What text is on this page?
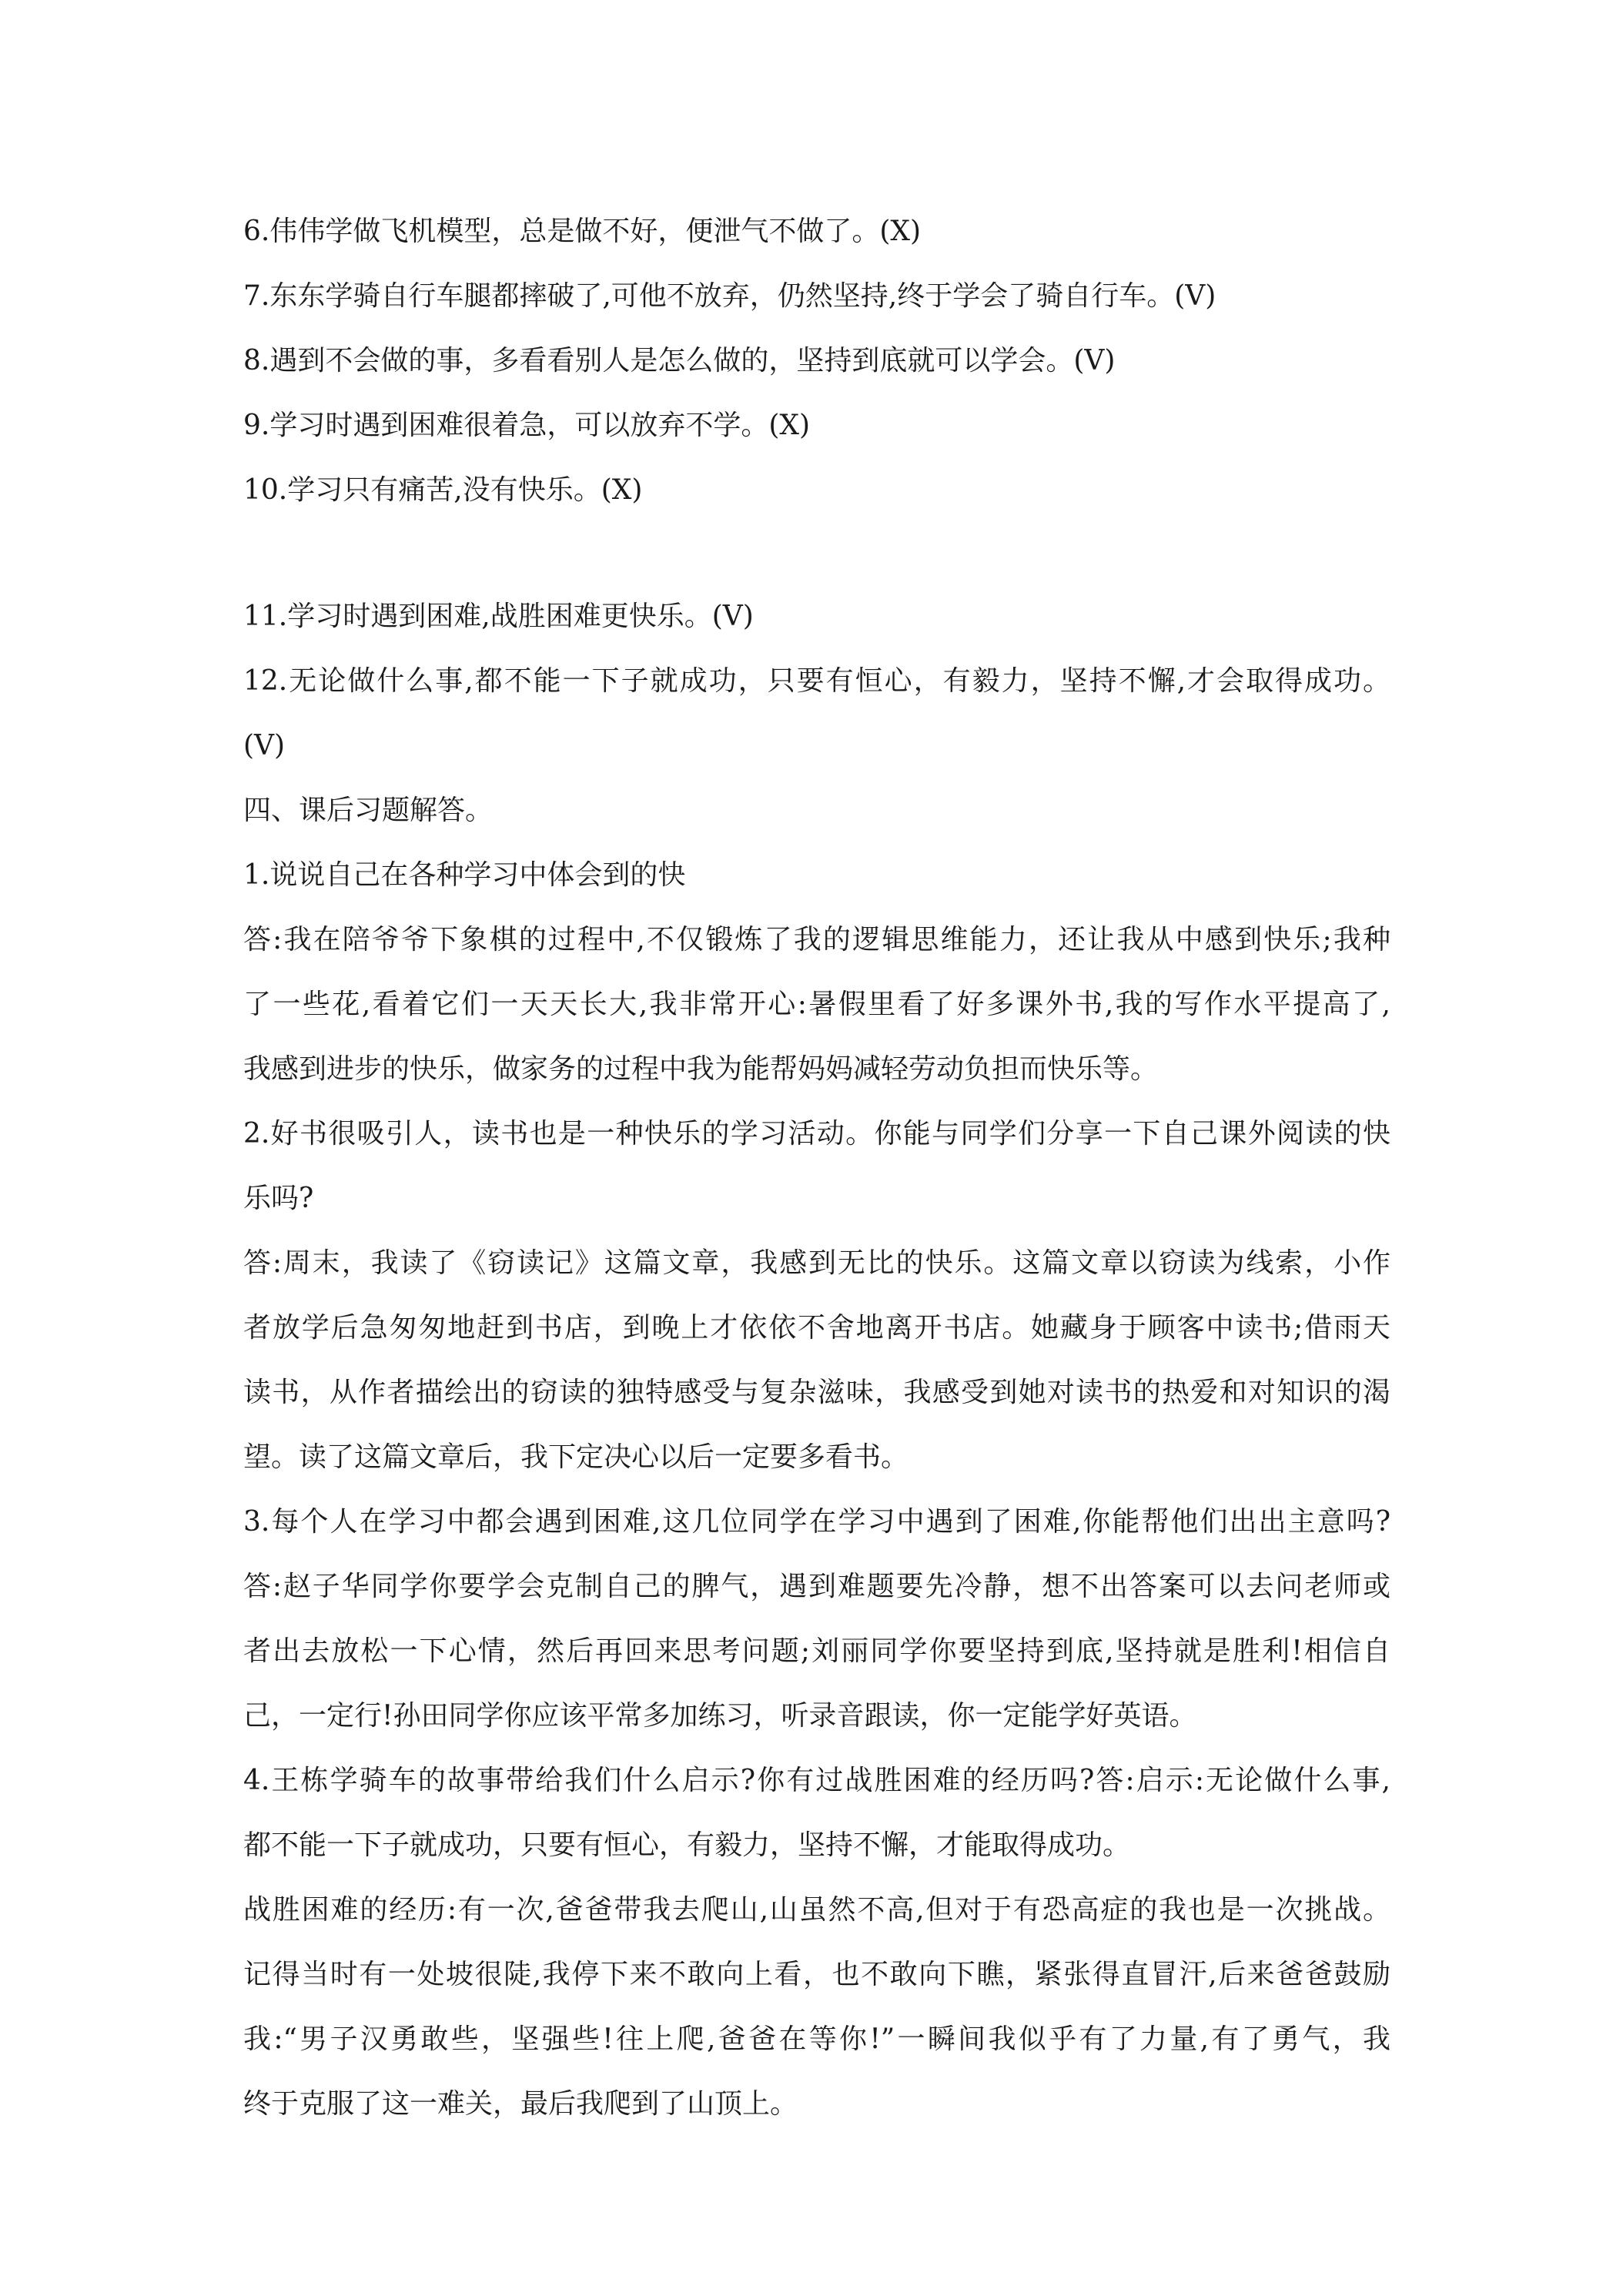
6.伟伟学做飞机模型，总是做不好，便泄气不做了。(X)

7.东东学骑自行车腿都摔破了,可他不放弃，仍然坚持,终于学会了骑自行车。(V)

8.遇到不会做的事，多看看别人是怎么做的，坚持到底就可以学会。(V)

9.学习时遇到困难很着急，可以放弃不学。(X)

10.学习只有痛苦,没有快乐。(X)

11.学习时遇到困难,战胜困难更快乐。(V)

12.无论做什么事,都不能一下子就成功，只要有恒心，有毅力，坚持不懈,才会取得成功。

(V)

四、课后习题解答。

1.说说自己在各种学习中体会到的快

答:我在陪爷爷下象棋的过程中,不仅锻炼了我的逻辑思维能力，还让我从中感到快乐;我种

了一些花,看着它们一天天长大,我非常开心:暑假里看了好多课外书,我的写作水平提高了,

我感到进步的快乐，做家务的过程中我为能帮妈妈减轻劳动负担而快乐等。

2.好书很吸引人，读书也是一种快乐的学习活动。你能与同学们分享一下自己课外阅读的快

乐吗?

答:周末，我读了《窃读记》这篇文章，我感到无比的快乐。这篇文章以窃读为线索，小作

者放学后急匆匆地赶到书店，到晚上才依依不舍地离开书店。她藏身于顾客中读书;借雨天

读书，从作者描绘出的窃读的独特感受与复杂滋味，我感受到她对读书的热爱和对知识的渴

望。读了这篇文章后，我下定决心以后一定要多看书。

3.每个人在学习中都会遇到困难,这几位同学在学习中遇到了困难,你能帮他们出出主意吗?

答:赵子华同学你要学会克制自己的脾气，遇到难题要先冷静，想不出答案可以去问老师或

者出去放松一下心情，然后再回来思考问题;刘丽同学你要坚持到底,坚持就是胜利!相信自

己，一定行!孙田同学你应该平常多加练习，听录音跟读，你一定能学好英语。

4.王栋学骑车的故事带给我们什么启示?你有过战胜困难的经历吗?答:启示:无论做什么事,

都不能一下子就成功，只要有恒心，有毅力，坚持不懈，才能取得成功。

战胜困难的经历:有一次,爸爸带我去爬山,山虽然不高,但对于有恐高症的我也是一次挑战。

记得当时有一处坡很陡,我停下来不敢向上看，也不敢向下瞧，紧张得直冒汗,后来爸爸鼓励

我:“男子汉勇敢些，坚强些!往上爬,爸爸在等你!”一瞬间我似乎有了力量,有了勇气，我

终于克服了这一难关，最后我爬到了山顶上。
